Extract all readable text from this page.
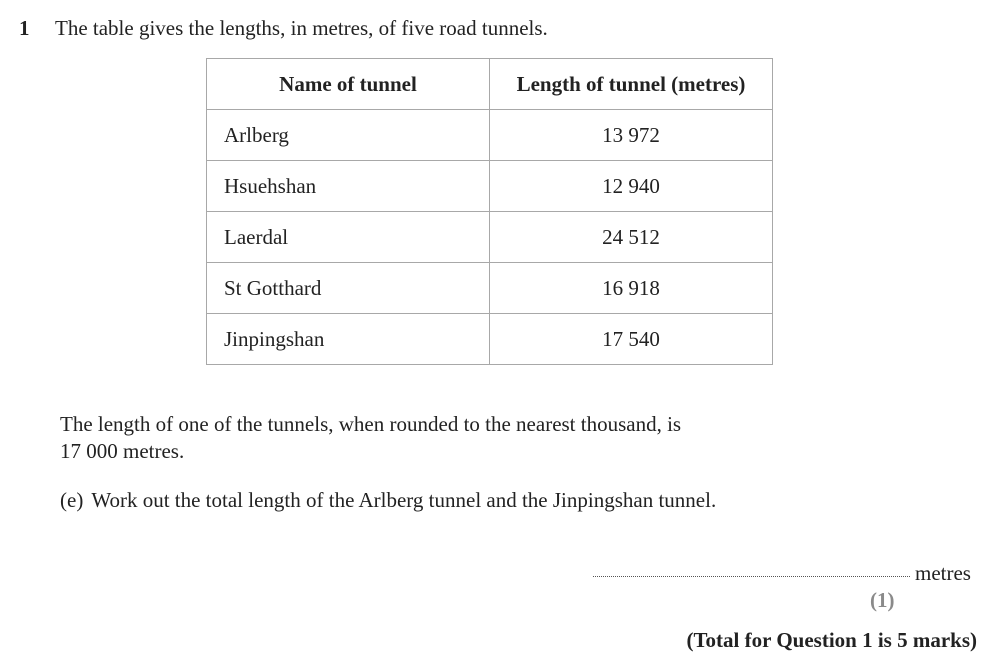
1 The table gives the lengths, in metres, of five road tunnels.
Name of tunnel	Length of tunnel (metres)
Arlberg	13 972
Hsuehshan	12 940
Laerdal	24 512
St Gotthard	16 918
Jinpingshan	17 540
The length of one of the tunnels, when rounded to the nearest thousand, is
17 000 metres.
(e) Work out the total length of the Arlberg tunnel and the Jinpingshan tunnel.
metres
(1)
(Total for Question 1 is 5 marks)
